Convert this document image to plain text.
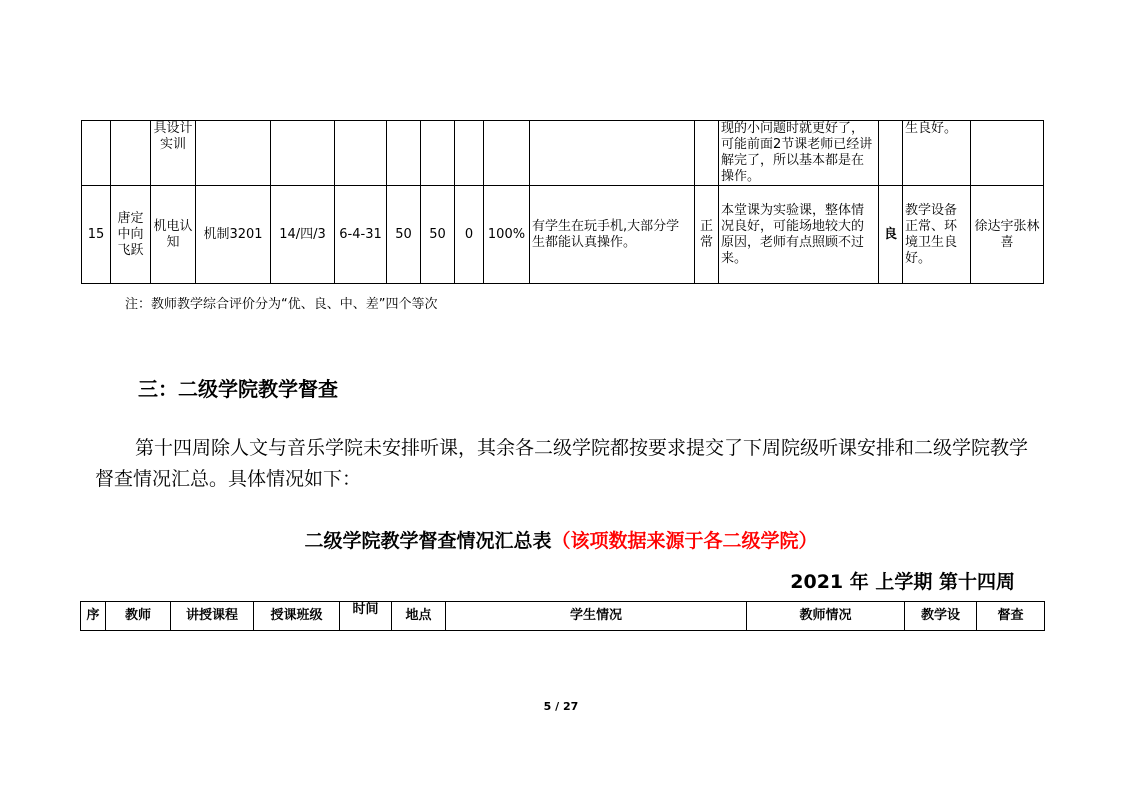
		具设计实训										现的小问题时就更好了，可能前面2节课老师已经讲解完了，所以基本都是在操作。		生良好。	
15	唐定中向飞跃	机电认知	机制3201	14/四/3	6-4-31	50	50	0	100%	有学生在玩手机,大部分学生都能认真操作。	正常	本堂课为实验课，整体情况良好，可能场地较大的原因，老师有点照顾不过来。	良	教学设备正常、环境卫生良好。	徐达宇张林喜
注：教师教学综合评价分为“优、良、中、差”四个等次
三：二级学院教学督查
第十四周除人文与音乐学院未安排听课，其余各二级学院都按要求提交了下周院级听课安排和二级学院教学督查情况汇总。具体情况如下：
二级学院教学督查情况汇总表（该项数据来源于各二级学院）
2021 年 上学期 第十四周
序	教师	讲授课程	授课班级	时间	地点	学生情况	教师情况	教学设	督查
5 / 27
